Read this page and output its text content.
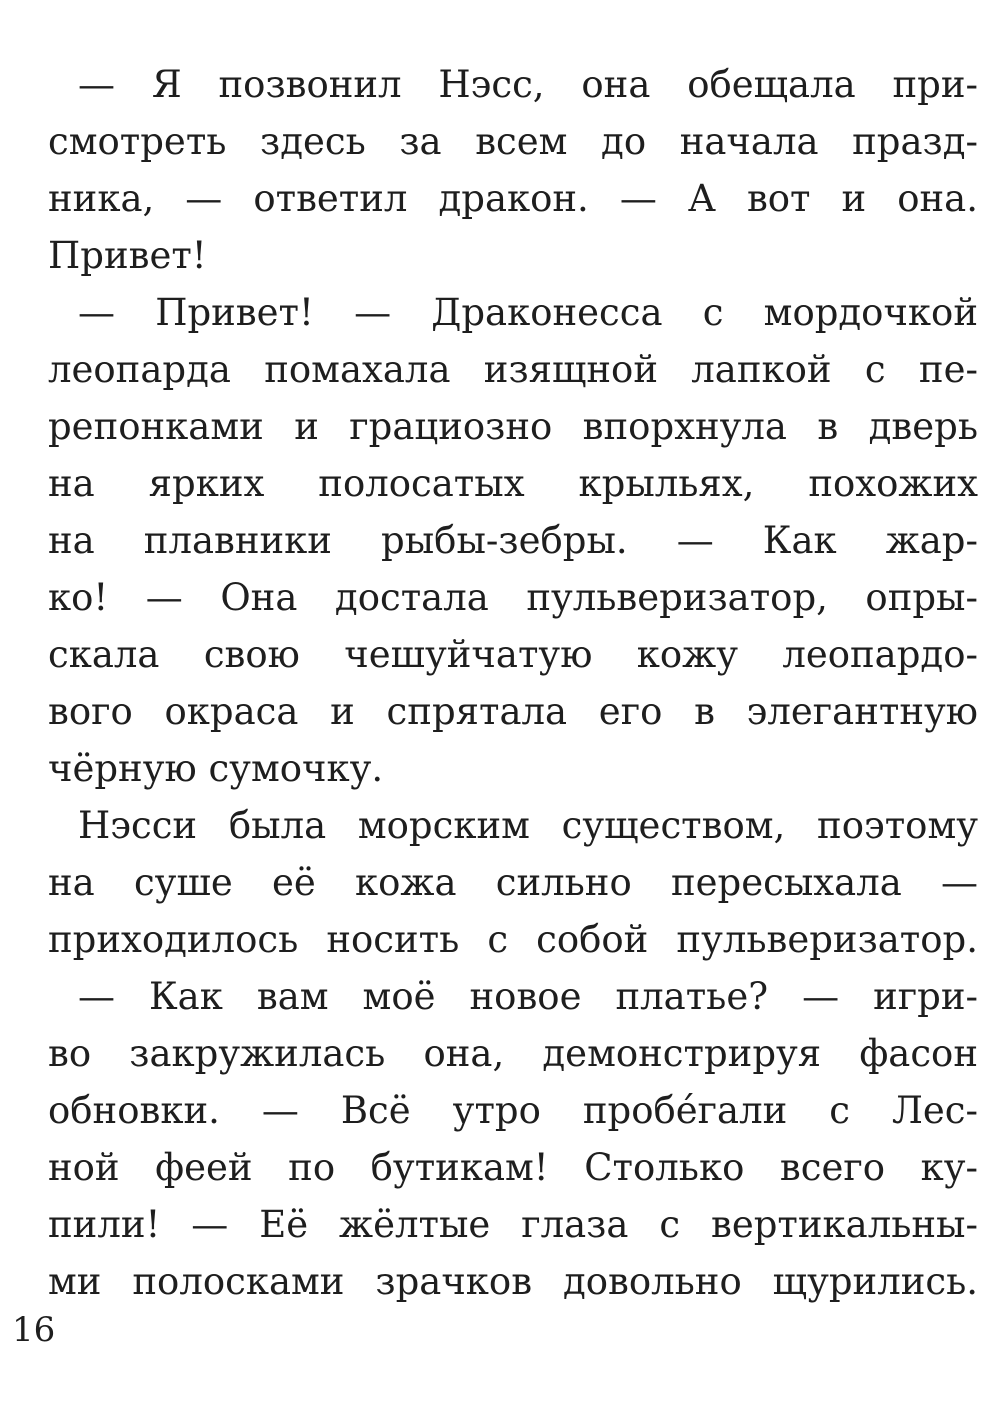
— Я позвонил Нэсс, она обещала при-
смотреть здесь за всем до начала празд-
ника, — ответил дракон. — А вот и она.
Привет!
— Привет! — Драконесса с мордочкой
леопарда помахала изящной лапкой с пе-
репонками и грациозно впорхнула в дверь
на ярких полосатых крыльях, похожих
на плавники рыбы-зебры. — Как жар-
ко! — Она достала пульверизатор, опры-
скала свою чешуйчатую кожу леопардо-
вого окраса и спрятала его в элегантную
чёрную сумочку.
Нэсси была морским существом, поэтому
на суше её кожа сильно пересыхала —
приходилось носить с собой пульверизатор.
— Как вам моё новое платье? — игри-
во закружилась она, демонстрируя фасон
обновки. — Всё утро пробе́гали с Лес-
ной феей по бутикам! Столько всего ку-
пили! — Её жёлтые глаза с вертикальны-
ми полосками зрачков довольно щурились.
16
